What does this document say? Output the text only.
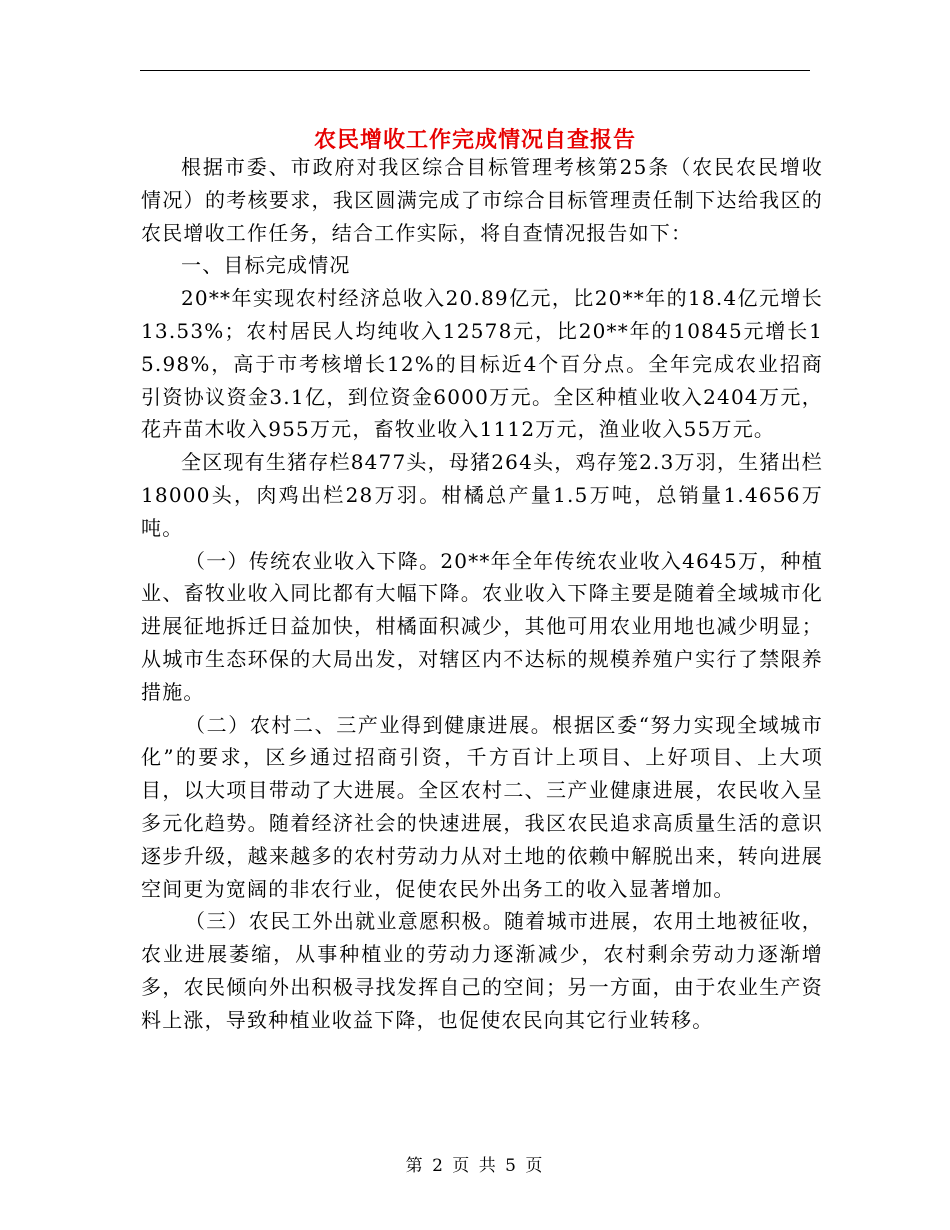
农民增收工作完成情况自查报告

根据市委、市政府对我区综合目标管理考核第25条（农民农民增收情况）的考核要求，我区圆满完成了市综合目标管理责任制下达给我区的农民增收工作任务，结合工作实际，将自查情况报告如下：

一、目标完成情况

20**年实现农村经济总收入20.89亿元，比20**年的18.4亿元增长13.53%；农村居民人均纯收入12578元，比20**年的10845元增长15.98%，高于市考核增长12%的目标近4个百分点。全年完成农业招商引资协议资金3.1亿，到位资金6000万元。全区种植业收入2404万元，花卉苗木收入955万元，畜牧业收入1112万元，渔业收入55万元。

全区现有生猪存栏8477头，母猪264头，鸡存笼2.3万羽，生猪出栏18000头，肉鸡出栏28万羽。柑橘总产量1.5万吨，总销量1.4656万吨。

（一）传统农业收入下降。20**年全年传统农业收入4645万，种植业、畜牧业收入同比都有大幅下降。农业收入下降主要是随着全域城市化进展征地拆迁日益加快，柑橘面积减少，其他可用农业用地也减少明显；从城市生态环保的大局出发，对辖区内不达标的规模养殖户实行了禁限养措施。

（二）农村二、三产业得到健康进展。根据区委“努力实现全域城市化”的要求，区乡通过招商引资，千方百计上项目、上好项目、上大项目，以大项目带动了大进展。全区农村二、三产业健康进展，农民收入呈多元化趋势。随着经济社会的快速进展，我区农民追求高质量生活的意识逐步升级，越来越多的农村劳动力从对土地的依赖中解脱出来，转向进展空间更为宽阔的非农行业，促使农民外出务工的收入显著增加。

（三）农民工外出就业意愿积极。随着城市进展，农用土地被征收，农业进展萎缩，从事种植业的劳动力逐渐减少，农村剩余劳动力逐渐增多，农民倾向外出积极寻找发挥自己的空间；另一方面，由于农业生产资料上涨，导致种植业收益下降，也促使农民向其它行业转移。

第 2 页 共 5 页
